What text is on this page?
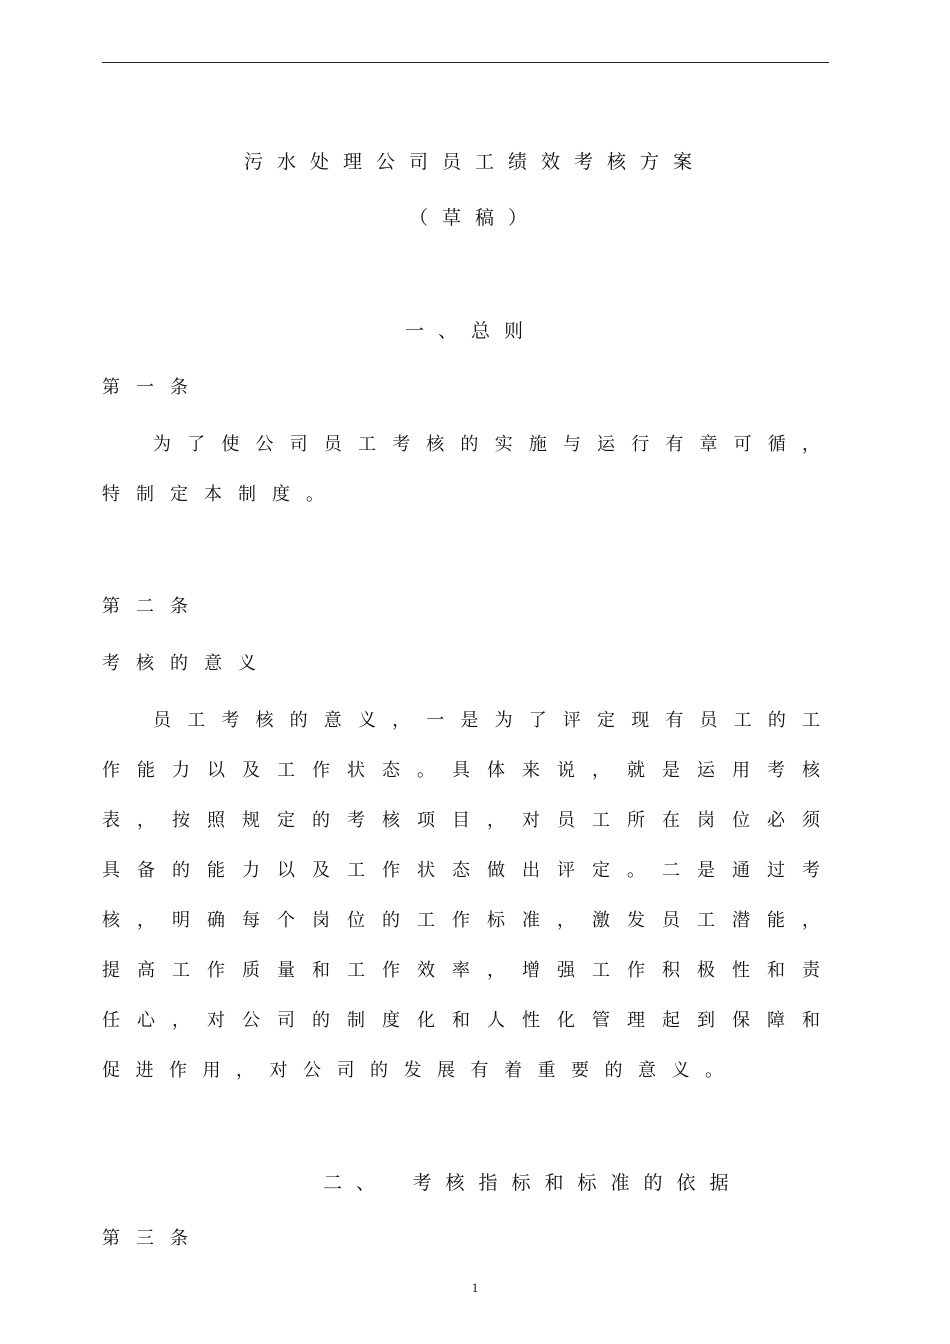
污水处理公司员工绩效考核方案
（草稿）
一、总则
第一条
为了使公司员工考核的实施与运行有章可循，
特制定本制度。
第二条
考核的意义
员工考核的意义，一是为了评定现有员工的工
作能力以及工作状态。具体来说，就是运用考核
表，按照规定的考核项目，对员工所在岗位必须
具备的能力以及工作状态做出评定。二是通过考
核，明确每个岗位的工作标准，激发员工潜能，
提高工作质量和工作效率，增强工作积极性和责
任心，对公司的制度化和人性化管理起到保障和
促进作用，对公司的发展有着重要的意义。
二、　考核指标和标准的依据
第三条
1
